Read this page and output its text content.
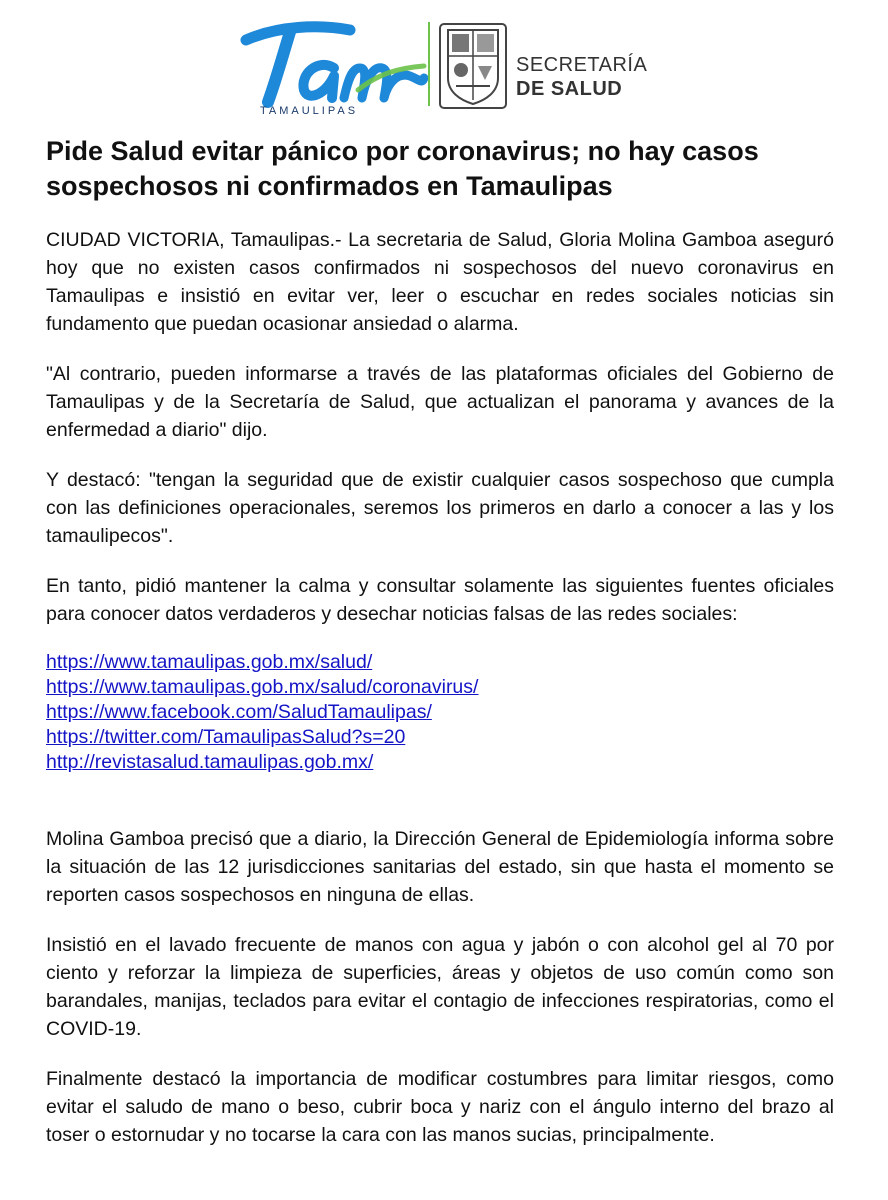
TAMAULIPAS
SECRETARÍA
DE SALUD
Pide Salud evitar pánico por coronavirus; no hay casos sospechosos ni confirmados en Tamaulipas

CIUDAD VICTORIA, Tamaulipas.- La secretaria de Salud, Gloria Molina Gamboa aseguró hoy que no existen casos confirmados ni sospechosos del nuevo coronavirus en Tamaulipas e insistió en evitar ver, leer o escuchar en redes sociales noticias sin fundamento que puedan ocasionar ansiedad o alarma.

"Al contrario, pueden informarse a través de las plataformas oficiales del Gobierno de Tamaulipas y de la Secretaría de Salud, que actualizan el panorama y avances de la enfermedad a diario" dijo.

Y destacó: "tengan la seguridad que de existir cualquier casos sospechoso que cumpla con las definiciones operacionales, seremos los primeros en darlo a conocer a las y los tamaulipecos".

En tanto, pidió mantener la calma y consultar solamente las siguientes fuentes oficiales para conocer datos verdaderos y desechar noticias falsas de las redes sociales:

https://www.tamaulipas.gob.mx/salud/
https://www.tamaulipas.gob.mx/salud/coronavirus/
https://www.facebook.com/SaludTamaulipas/
https://twitter.com/TamaulipasSalud?s=20
http://revistasalud.tamaulipas.gob.mx/

Molina Gamboa precisó que a diario, la Dirección General de Epidemiología informa sobre la situación de las 12 jurisdicciones sanitarias del estado, sin que hasta el momento se reporten casos sospechosos en ninguna de ellas.

Insistió en el lavado frecuente de manos con agua y jabón o con alcohol gel al 70 por ciento y reforzar la limpieza de superficies, áreas y objetos de uso común como son barandales, manijas, teclados para evitar el contagio de infecciones respiratorias, como el COVID-19.

Finalmente destacó la importancia de modificar costumbres para limitar riesgos, como evitar el saludo de mano o beso, cubrir boca y nariz con el ángulo interno del brazo al toser o estornudar y no tocarse la cara con las manos sucias, principalmente.
